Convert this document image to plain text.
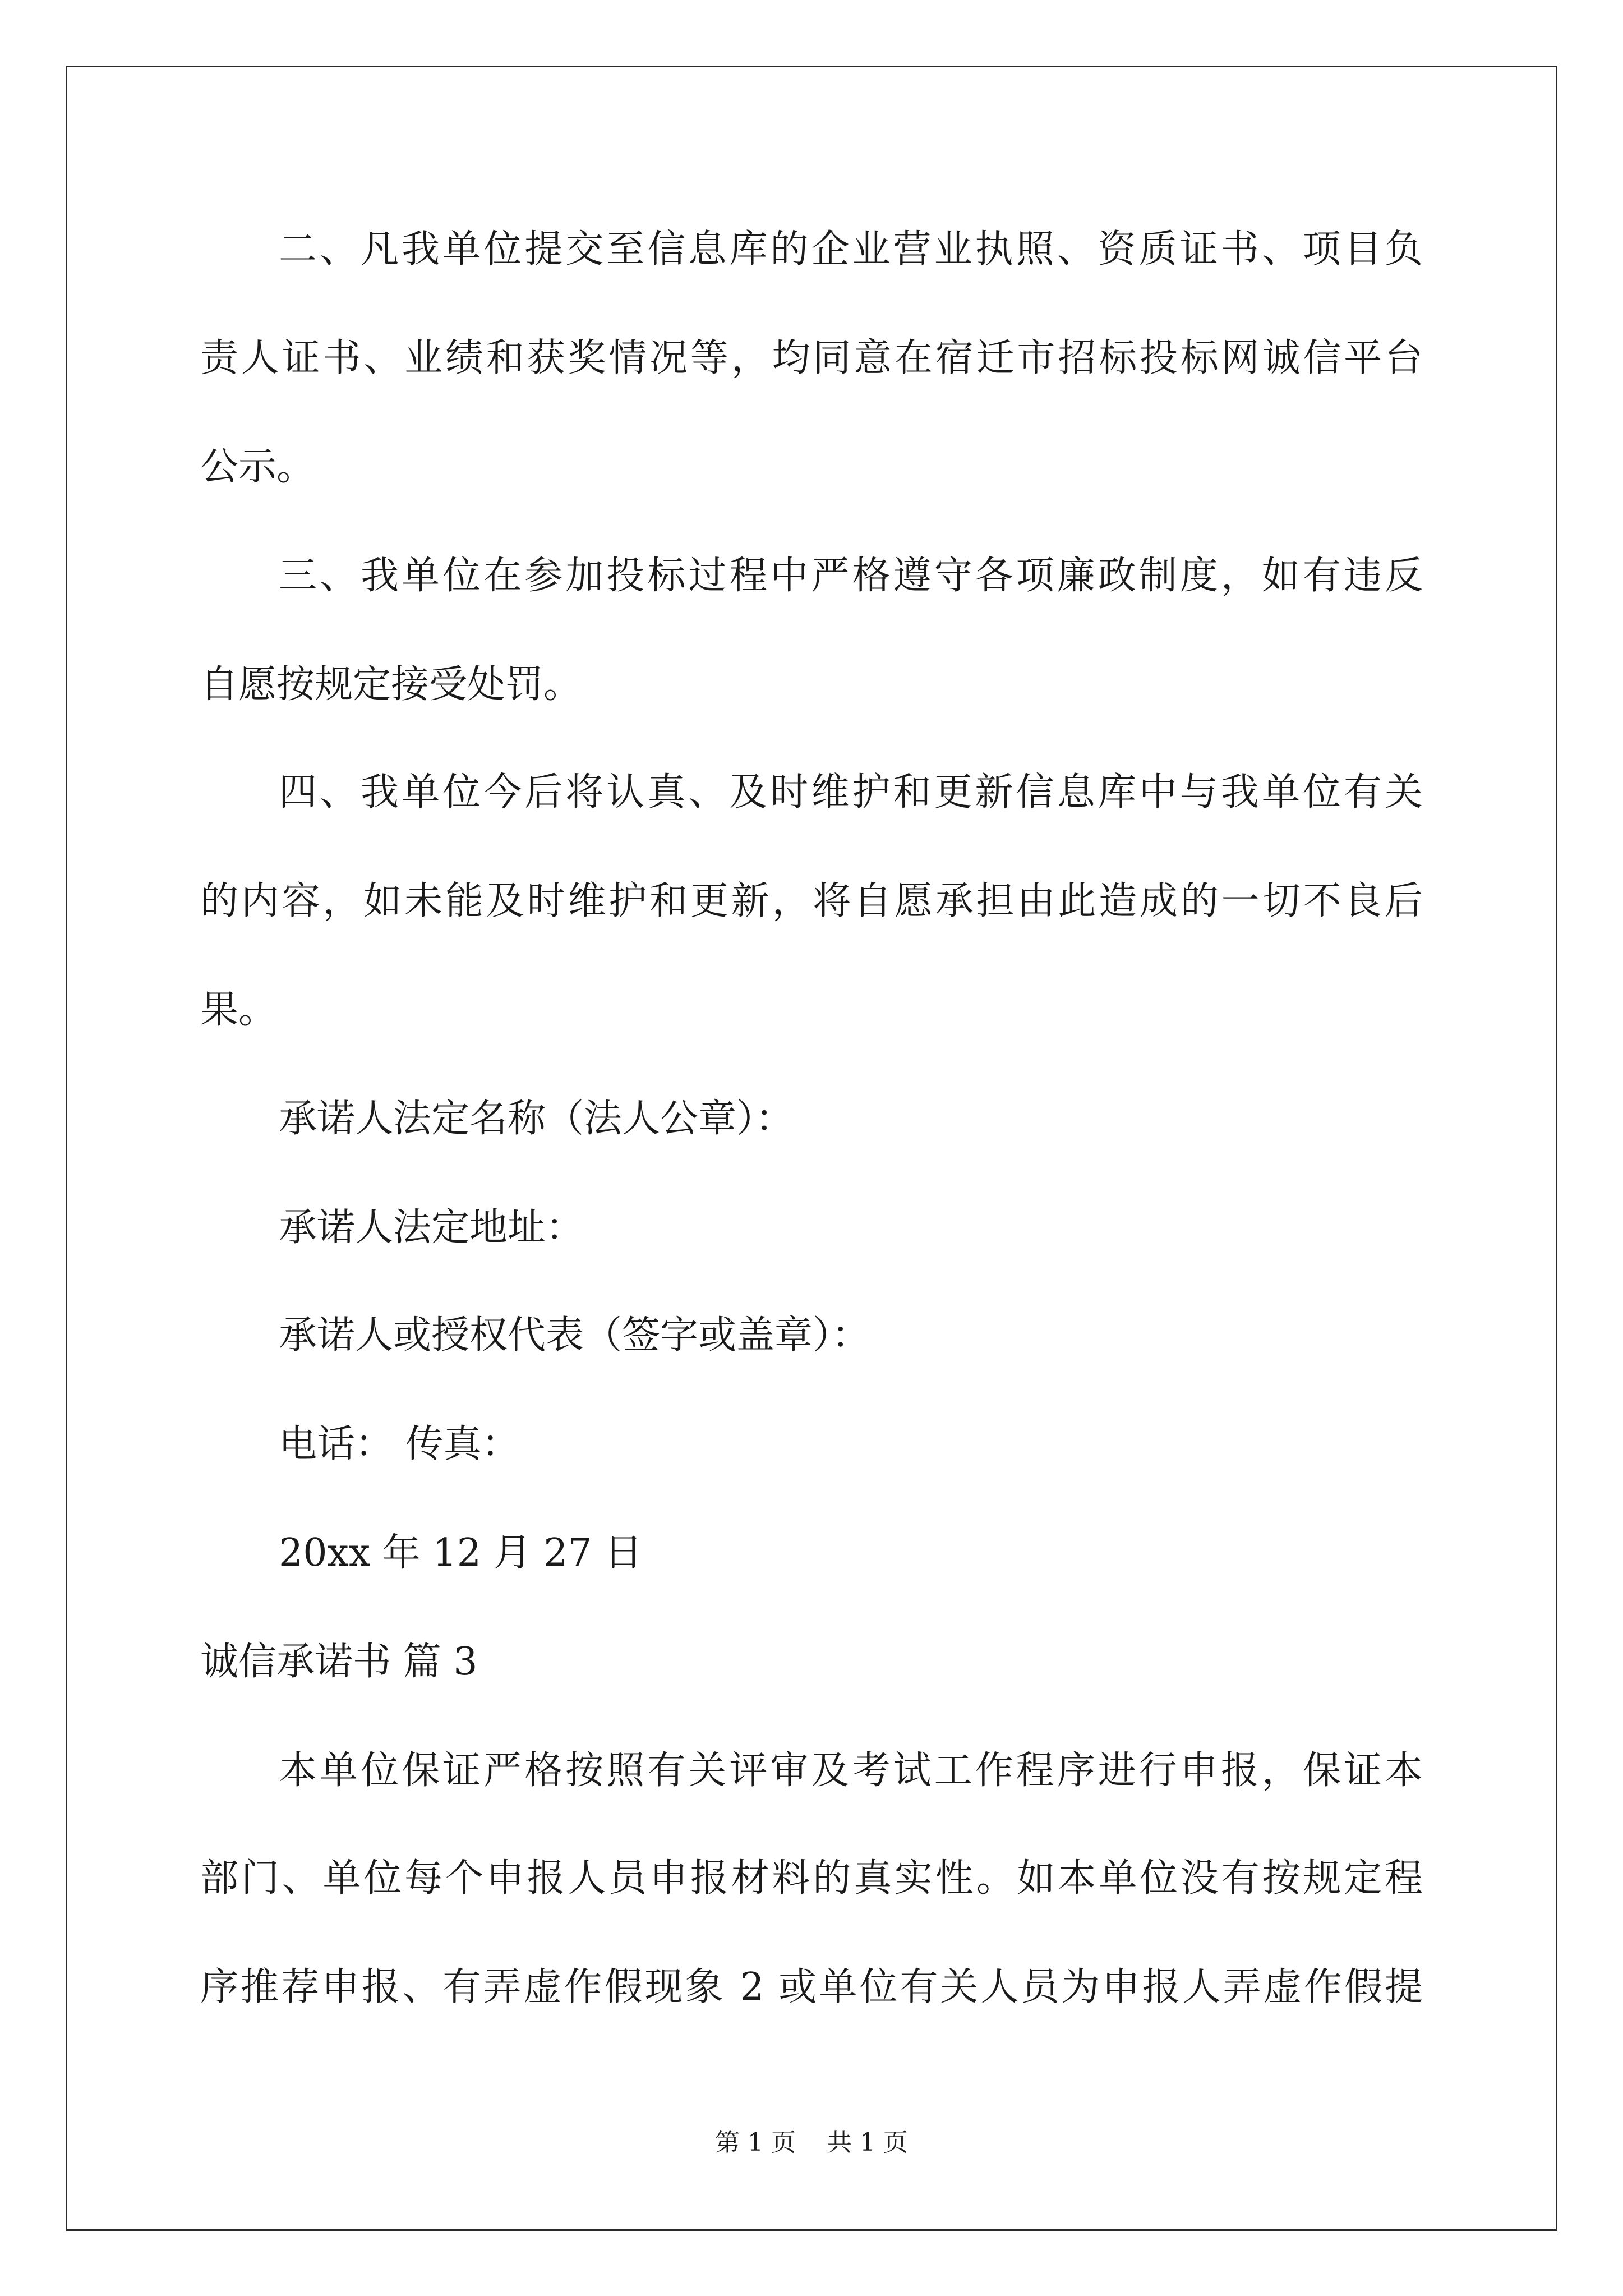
二、凡我单位提交至信息库的企业营业执照、资质证书、项目负
责人证书、业绩和获奖情况等，均同意在宿迁市招标投标网诚信平台
公示。
三、我单位在参加投标过程中严格遵守各项廉政制度，如有违反
自愿按规定接受处罚。
四、我单位今后将认真、及时维护和更新信息库中与我单位有关
的内容，如未能及时维护和更新，将自愿承担由此造成的一切不良后
果。
承诺人法定名称（法人公章）：
承诺人法定地址：
承诺人或授权代表（签字或盖章）：
电话： 传真：
20xx 年 12 月 27 日
诚信承诺书 篇 3
本单位保证严格按照有关评审及考试工作程序进行申报，保证本
部门、单位每个申报人员申报材料的真实性。如本单位没有按规定程
序推荐申报、有弄虚作假现象 2 或单位有关人员为申报人弄虚作假提
第 1 页    共 1 页
